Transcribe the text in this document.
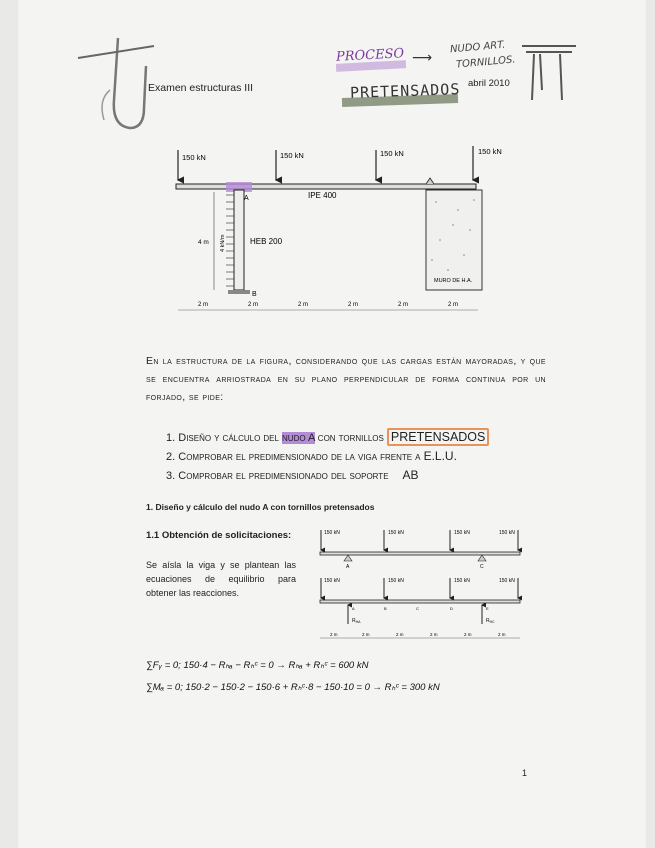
Examen estructuras III	abril 2010
PROCESO ⟶
NUDO ART.
TORNILLOS.
PRETENSADOS
150 kN	150 kN	150 kN	150 kN
IPE 400
A
4 kN/m	HEB 200
4 m
B
MURO DE H.A.
2 m	2 m	2 m	2 m	2 m	2 m
En la estructura de la figura, considerando que las cargas están mayoradas, y que se encuentra arriostrada en su plano perpendicular de forma continua por un forjado, se pide:
1. Diseño y cálculo del nudo A con tornillos PRETENSADOS
2. Comprobar el predimensionado de la viga frente a E.L.U.
3. Comprobar el predimensionado del soporte AB
1. Diseño y cálculo del nudo A con tornillos pretensados
1.1 Obtención de solicitaciones:
Se aísla la viga y se plantean las ecuaciones de equilibrio para obtener las reacciones.
150 kN	150 kN	150 kN	150 kN
A	C
150 kN	150 kN	150 kN	150 kN
A	B	C	D	E
$R_{HA}$	$R_{HC}$
2 m	2 m	2 m	2 m	2 m	2 m
∑Fᵧ = 0; 150·4 − Rₕₐ − Rₕᶜ = 0 → Rₕₐ + Rₕᶜ = 600 kN
∑Mₐ = 0; 150·2 − 150·2 − 150·6 + Rₕᶜ·8 − 150·10 = 0 → Rₕᶜ = 300 kN
1
